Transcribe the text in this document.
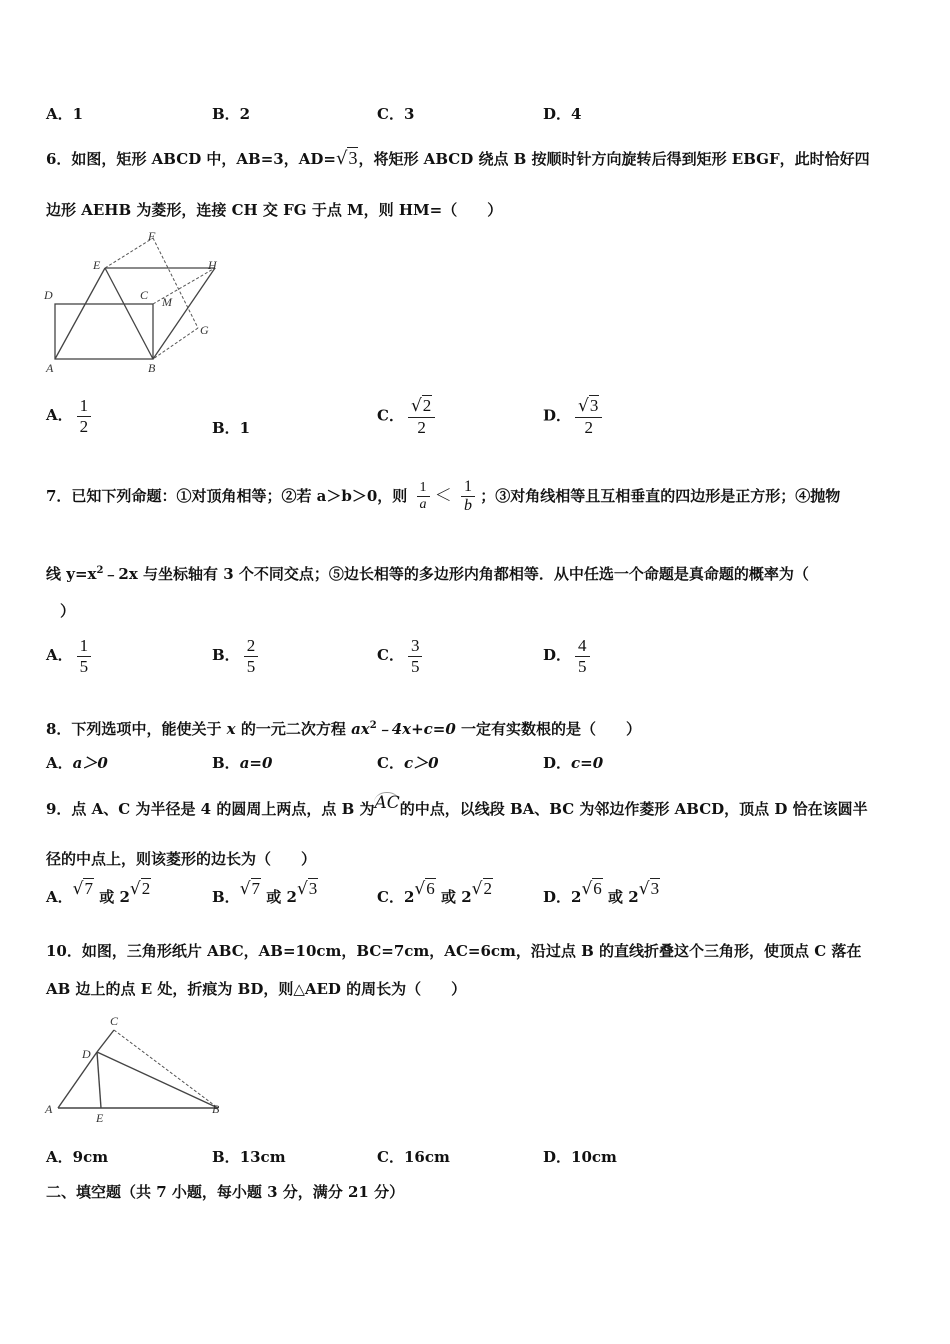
A．1	B．2	C．3	D．4
6．如图，矩形 ABCD 中，AB=3，AD=√3，将矩形 ABCD 绕点 B 按顺时针方向旋转后得到矩形 EBGF，此时恰好四
边形 AEHB 为菱形，连接 CH 交 FG 于点 M，则 HM=（　　）
F
E	H
D	C M
G
A	B
A． $\frac{1}{2}$	B．1
C． $\frac{√2}{2}$	D． $\frac{√3}{2}$
7．已知下列命题：①对顶角相等；②若 a＞b＞0，则 $\frac{1}{a} < \frac{1}{b}$ ；③对角线相等且互相垂直的四边形是正方形；④抛物
线 $y=x^2﹣2x$ 与坐标轴有 3 个不同交点；⑤边长相等的多边形内角都相等．从中任选一个命题是真命题的概率为（
）
A． $\frac{1}{5}$	B． $\frac{2}{5}$	C． $\frac{3}{5}$	D． $\frac{4}{5}$
8．下列选项中，能使关于 x 的一元二次方程 $ax^2﹣4x+c=0$ 一定有实数根的是（　　）
A．a＞0	B．a=0	C．c＞0	D．c=0
9．点 A、C 为半径是 4 的圆周上两点，点 B 为AC的中点，以线段 BA、BC 为邻边作菱形 ABCD，顶点 D 恰在该圆半
径的中点上，则该菱形的边长为（　　）
A．√7 或 2√2	B．√7 或 2√3	C．2√6 或 2√2	D．2√6 或 2√3
10．如图，三角形纸片 ABC，AB=10cm，BC=7cm，AC=6cm，沿过点 B 的直线折叠这个三角形，使顶点 C 落在
AB 边上的点 E 处，折痕为 BD，则△AED 的周长为（　　）
C
D
A
E
B
A．9cm	B．13cm	C．16cm	D．10cm
二、填空题（共 7 小题，每小题 3 分，满分 21 分）
